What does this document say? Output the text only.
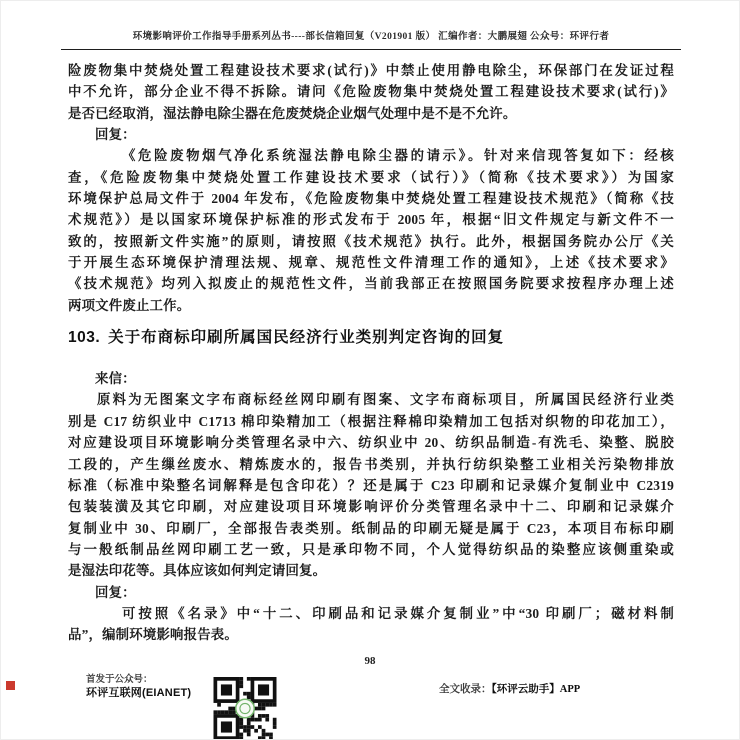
环境影响评价工作指导手册系列丛书----部长信箱回复（V201901 版） 汇编作者：大鹏展翅 公众号：环评行者
险废物集中焚烧处置工程建设技术要求(试行)》中禁止使用静电除尘，环保部门在发证过程
中不允许，部分企业不得不拆除。请问《危险废物集中焚烧处置工程建设技术要求(试行)》
是否已经取消，湿法静电除尘器在危废焚烧企业烟气处理中是不是不允许。
回复：
《危险废物烟气净化系统湿法静电除尘器的请示》。针对来信现答复如下：经核
查，《危险废物集中焚烧处置工作建设技术要求（试行）》（简称《技术要求》）为国家
环境保护总局文件于 2004 年发布，《危险废物集中焚烧处置工程建设技术规范》（简称《技
术规范》）是以国家环境保护标准的形式发布于 2005 年，根据“旧文件规定与新文件不一
致的，按照新文件实施”的原则，请按照《技术规范》执行。此外，根据国务院办公厅《关
于开展生态环境保护清理法规、规章、规范性文件清理工作的通知》，上述《技术要求》
《技术规范》均列入拟废止的规范性文件，当前我部正在按照国务院要求按程序办理上述
两项文件废止工作。
103. 关于布商标印刷所属国民经济行业类别判定咨询的回复
来信：
原料为无图案文字布商标经丝网印刷有图案、文字布商标项目，所属国民经济行业类
别是 C17 纺织业中 C1713 棉印染精加工（根据注释棉印染精加工包括对织物的印花加工），
对应建设项目环境影响分类管理名录中六、纺织业中 20、纺织品制造-有洗毛、染整、脱胶
工段的，产生缫丝废水、精炼废水的，报告书类别，并执行纺织染整工业相关污染物排放
标准（标准中染整名词解释是包含印花）？还是属于 C23 印刷和记录媒介复制业中 C2319
包装装潢及其它印刷，对应建设项目环境影响评价分类管理名录中十二、印刷和记录媒介
复制业中 30、印刷厂，全部报告表类别。纸制品的印刷无疑是属于 C23，本项目布标印刷
与一般纸制品丝网印刷工艺一致，只是承印物不同，个人觉得纺织品的染整应该侧重染或
是湿法印花等。具体应该如何判定请回复。
回复：
可按照《名录》中“十二、印刷品和记录媒介复制业”中“30 印刷厂；磁材料制
品”，编制环境影响报告表。
98
首发于公众号：
环评互联网(EIANET)	全文收录：【环评云助手】APP
